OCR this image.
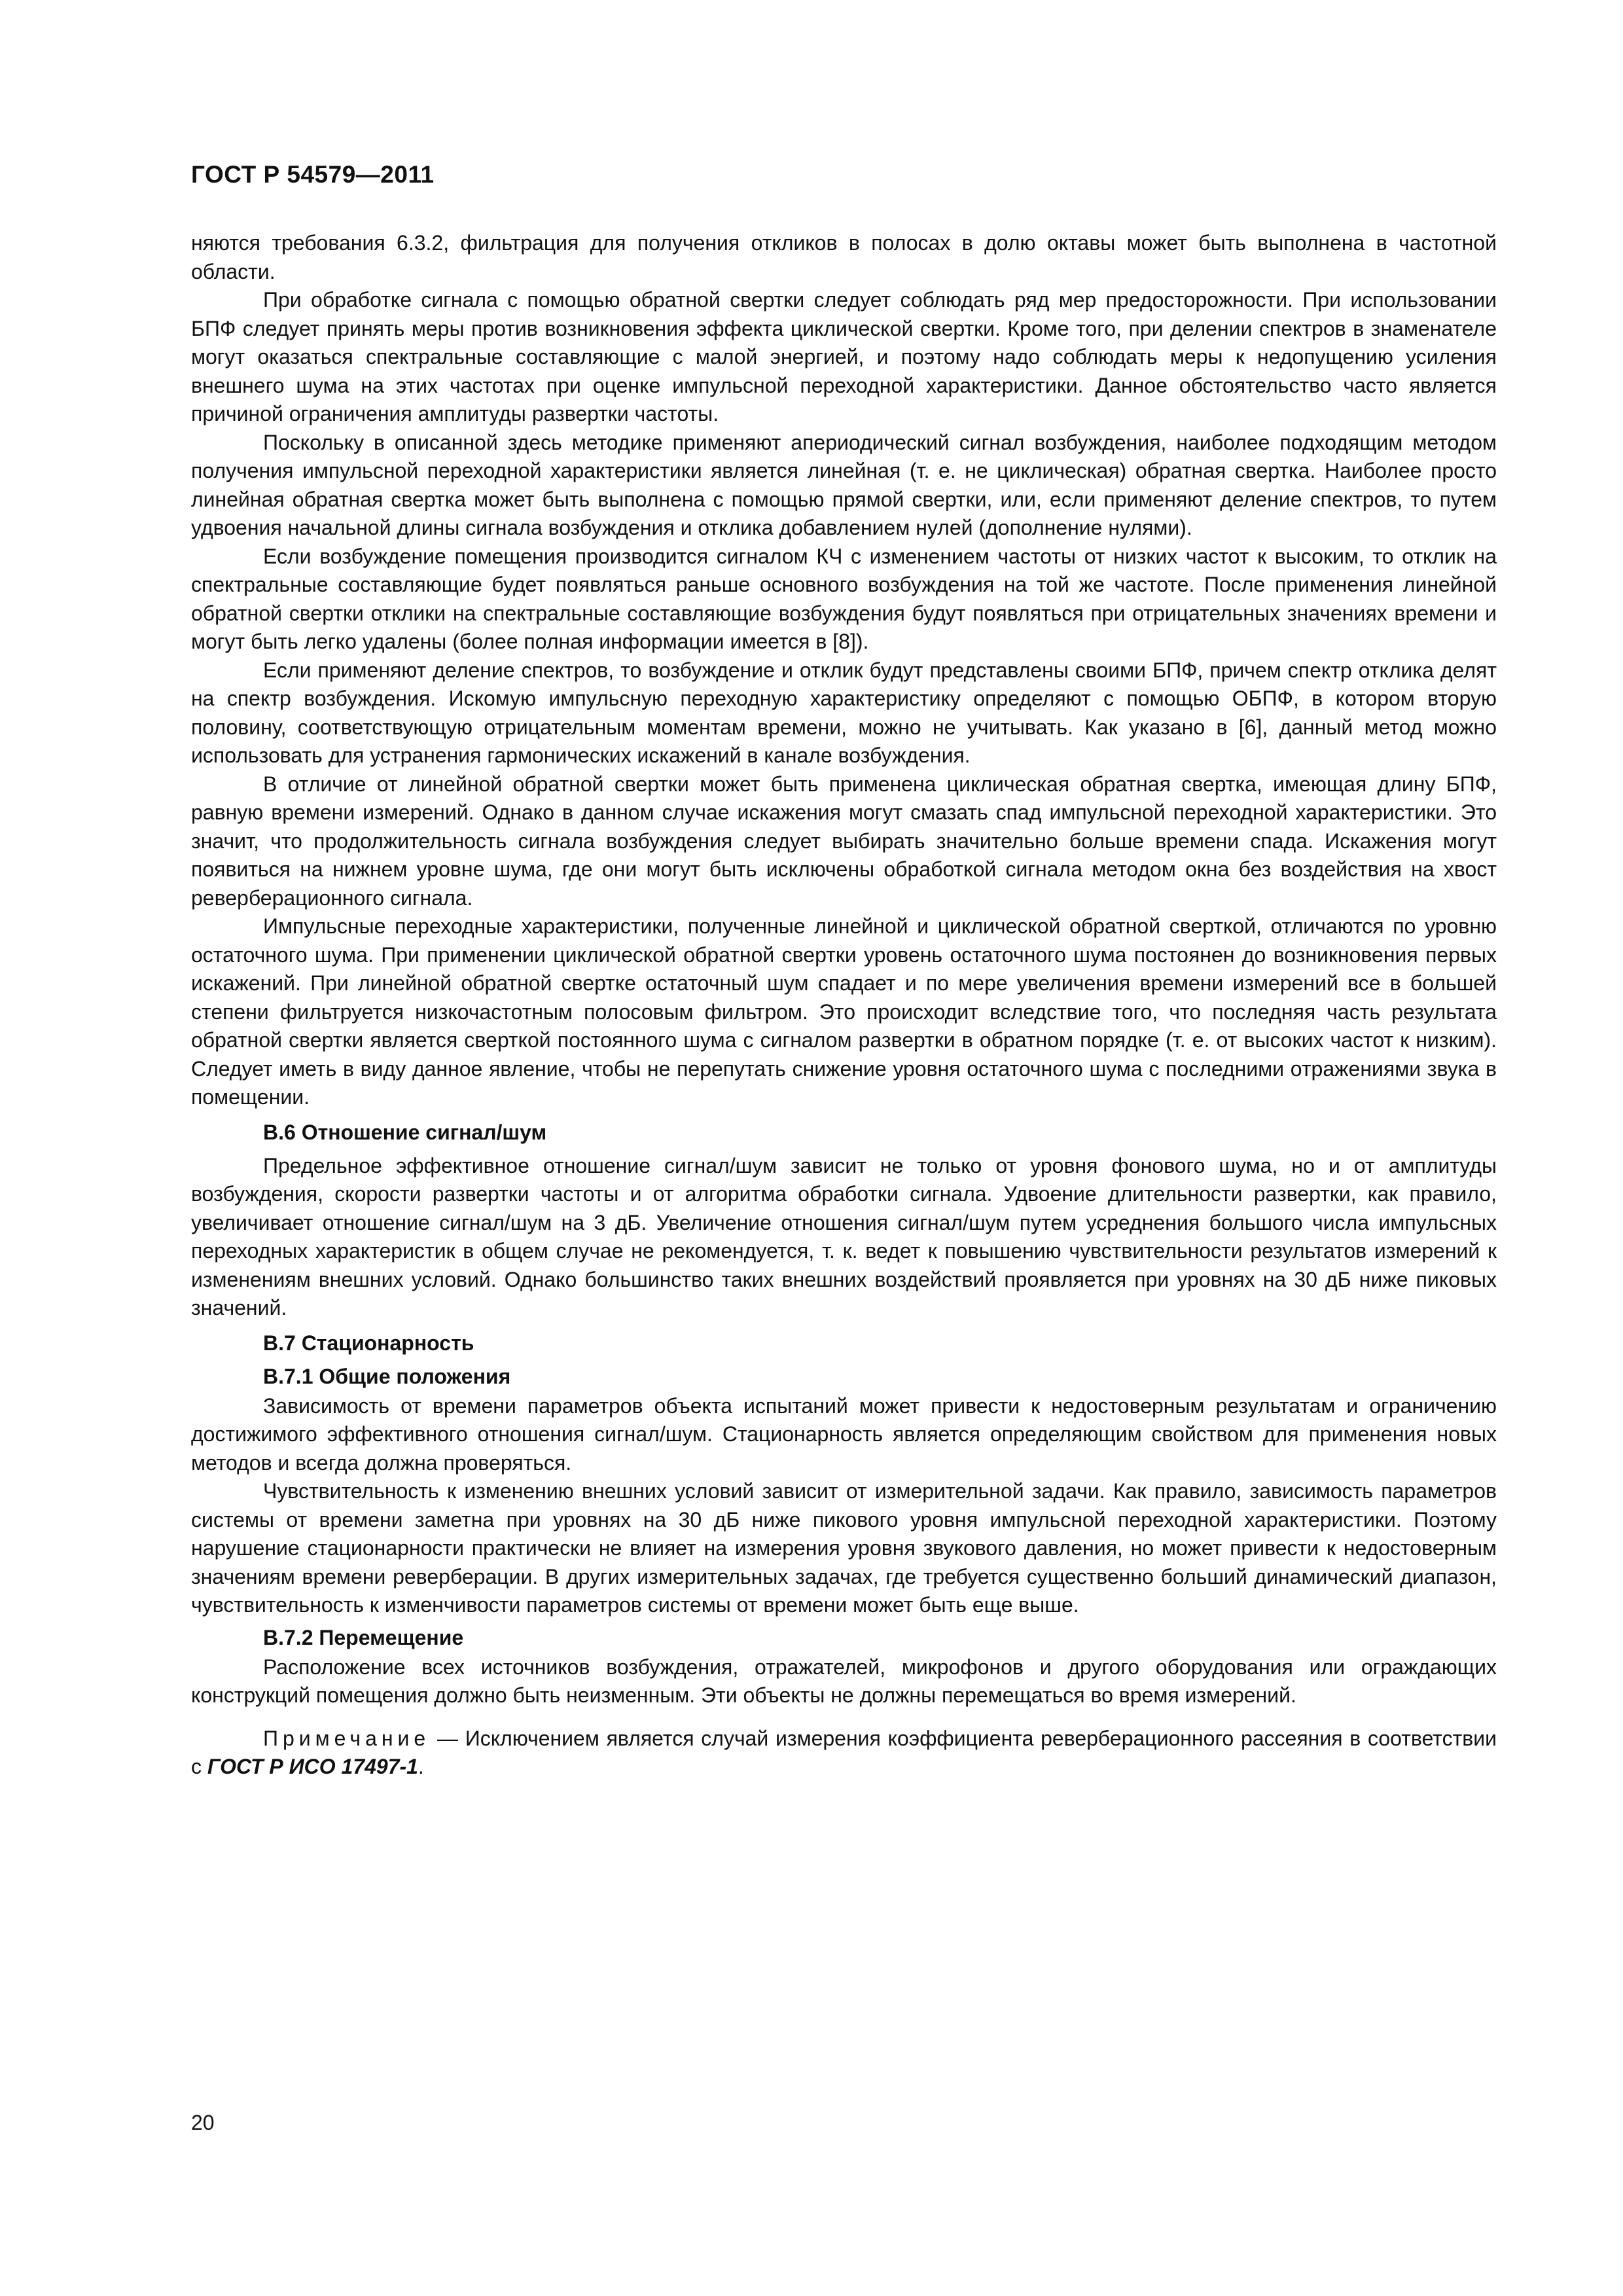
ГОСТ Р 54579—2011

няются требования 6.3.2, фильтрация для получения откликов в полосах в долю октавы может быть выполнена в частотной области.

При обработке сигнала с помощью обратной свертки следует соблюдать ряд мер предосторожности. При использовании БПФ следует принять меры против возникновения эффекта циклической свертки. Кроме того, при делении спектров в знаменателе могут оказаться спектральные составляющие с малой энергией, и поэтому надо соблюдать меры к недопущению усиления внешнего шума на этих частотах при оценке импульсной переходной характеристики. Данное обстоятельство часто является причиной ограничения амплитуды развертки частоты.

Поскольку в описанной здесь методике применяют апериодический сигнал возбуждения, наиболее подходящим методом получения импульсной переходной характеристики является линейная (т. е. не циклическая) обратная свертка. Наиболее просто линейная обратная свертка может быть выполнена с помощью прямой свертки, или, если применяют деление спектров, то путем удвоения начальной длины сигнала возбуждения и отклика добавлением нулей (дополнение нулями).

Если возбуждение помещения производится сигналом КЧ с изменением частоты от низких частот к высоким, то отклик на спектральные составляющие будет появляться раньше основного возбуждения на той же частоте. После применения линейной обратной свертки отклики на спектральные составляющие возбуждения будут появляться при отрицательных значениях времени и могут быть легко удалены (более полная информации имеется в [8]).

Если применяют деление спектров, то возбуждение и отклик будут представлены своими БПФ, причем спектр отклика делят на спектр возбуждения. Искомую импульсную переходную характеристику определяют с помощью ОБПФ, в котором вторую половину, соответствующую отрицательным моментам времени, можно не учитывать. Как указано в [6], данный метод можно использовать для устранения гармонических искажений в канале возбуждения.

В отличие от линейной обратной свертки может быть применена циклическая обратная свертка, имеющая длину БПФ, равную времени измерений. Однако в данном случае искажения могут смазать спад импульсной переходной характеристики. Это значит, что продолжительность сигнала возбуждения следует выбирать значительно больше времени спада. Искажения могут появиться на нижнем уровне шума, где они могут быть исключены обработкой сигнала методом окна без воздействия на хвост реверберационного сигнала.

Импульсные переходные характеристики, полученные линейной и циклической обратной сверткой, отличаются по уровню остаточного шума. При применении циклической обратной свертки уровень остаточного шума постоянен до возникновения первых искажений. При линейной обратной свертке остаточный шум спадает и по мере увеличения времени измерений все в большей степени фильтруется низкочастотным полосовым фильтром. Это происходит вследствие того, что последняя часть результата обратной свертки является сверткой постоянного шума с сигналом развертки в обратном порядке (т. е. от высоких частот к низким). Следует иметь в виду данное явление, чтобы не перепутать снижение уровня остаточного шума с последними отражениями звука в помещении.

В.6 Отношение сигнал/шум

Предельное эффективное отношение сигнал/шум зависит не только от уровня фонового шума, но и от амплитуды возбуждения, скорости развертки частоты и от алгоритма обработки сигнала. Удвоение длительности развертки, как правило, увеличивает отношение сигнал/шум на 3 дБ. Увеличение отношения сигнал/шум путем усреднения большого числа импульсных переходных характеристик в общем случае не рекомендуется, т. к. ведет к повышению чувствительности результатов измерений к изменениям внешних условий. Однако большинство таких внешних воздействий проявляется при уровнях на 30 дБ ниже пиковых значений.

В.7 Стационарность

В.7.1 Общие положения

Зависимость от времени параметров объекта испытаний может привести к недостоверным результатам и ограничению достижимого эффективного отношения сигнал/шум. Стационарность является определяющим свойством для применения новых методов и всегда должна проверяться.

Чувствительность к изменению внешних условий зависит от измерительной задачи. Как правило, зависимость параметров системы от времени заметна при уровнях на 30 дБ ниже пикового уровня импульсной переходной характеристики. Поэтому нарушение стационарности практически не влияет на измерения уровня звукового давления, но может привести к недостоверным значениям времени реверберации. В других измерительных задачах, где требуется существенно больший динамический диапазон, чувствительность к изменчивости параметров системы от времени может быть еще выше.

В.7.2 Перемещение

Расположение всех источников возбуждения, отражателей, микрофонов и другого оборудования или ограждающих конструкций помещения должно быть неизменным. Эти объекты не должны перемещаться во время измерений.

Примечание — Исключением является случай измерения коэффициента реверберационного рассеяния в соответствии с ГОСТ Р ИСО 17497-1.

20
